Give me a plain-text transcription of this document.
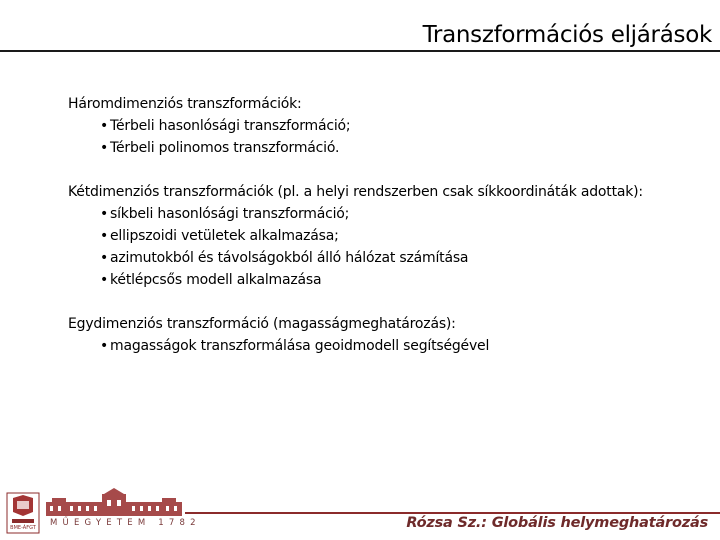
Transzformációs eljárások
Háromdimenziós transzformációk:
• Térbeli hasonlósági transzformáció;
• Térbeli polinomos transzformáció.
Kétdimenziós transzformációk (pl. a helyi rendszerben csak síkkoordináták adottak):
• síkbeli hasonlósági transzformáció;
• ellipszoidi vetületek alkalmazása;
• azimutokból és távolságokból álló hálózat számítása
• kétlépcsős modell alkalmazása
Egydimenziós transzformáció (magasságmeghatározás):
• magasságok transzformálása geoidmodell segítségével
BME-ÁFGT MŰEGYETEM 1782	Rózsa Sz.: Globális helymeghatározás
